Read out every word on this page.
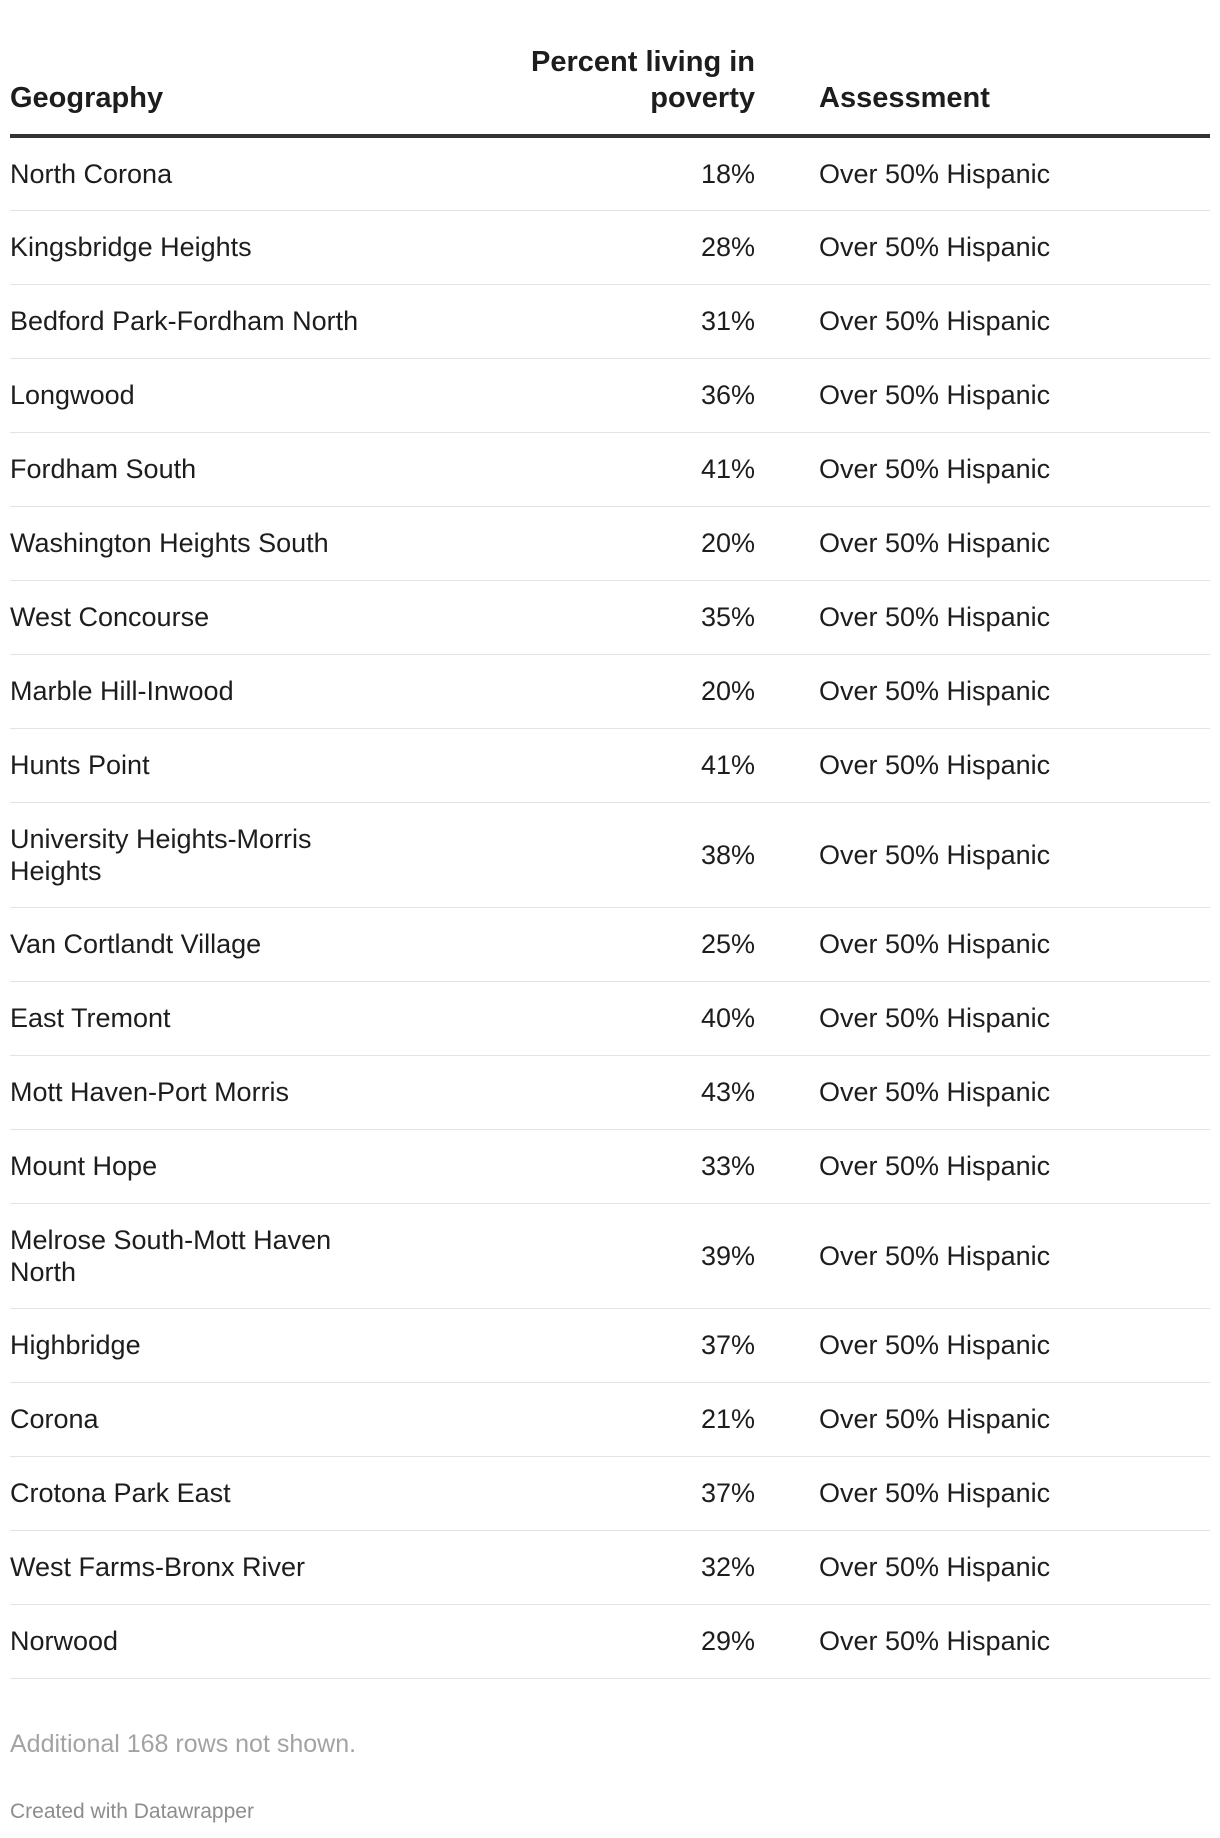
Geography	Percent living in poverty		Assessment

North Corona	18%		Over 50% Hispanic

Kingsbridge Heights	28%		Over 50% Hispanic

Bedford Park-Fordham North	31%		Over 50% Hispanic

Longwood	36%		Over 50% Hispanic

Fordham South	41%		Over 50% Hispanic

Washington Heights South	20%		Over 50% Hispanic

West Concourse	35%		Over 50% Hispanic

Marble Hill-Inwood	20%		Over 50% Hispanic

Hunts Point	41%		Over 50% Hispanic

University Heights-Morris Heights	38%		Over 50% Hispanic

Van Cortlandt Village	25%		Over 50% Hispanic

East Tremont	40%		Over 50% Hispanic

Mott Haven-Port Morris	43%		Over 50% Hispanic

Mount Hope	33%		Over 50% Hispanic

Melrose South-Mott Haven North	39%		Over 50% Hispanic

Highbridge	37%		Over 50% Hispanic

Corona	21%		Over 50% Hispanic

Crotona Park East	37%		Over 50% Hispanic

West Farms-Bronx River	32%		Over 50% Hispanic

Norwood	29%		Over 50% Hispanic
Additional 168 rows not shown.
Created with Datawrapper
